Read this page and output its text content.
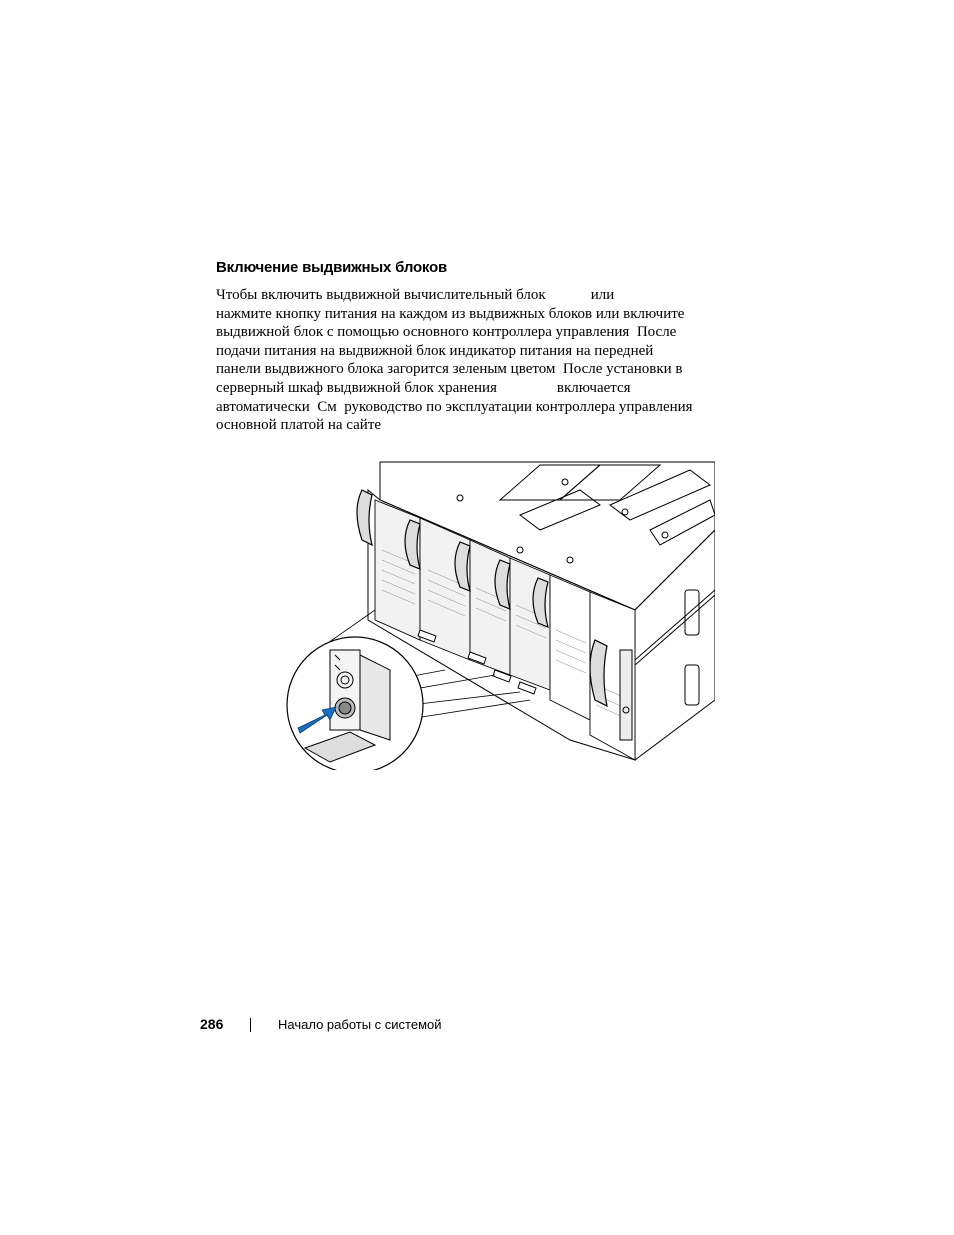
Включение выдвижных блоков
Чтобы включить выдвижной вычислительный блок            или
нажмите кнопку питания на каждом из выдвижных блоков или включите
выдвижной блок с помощью основного контроллера управления  После
подачи питания на выдвижной блок индикатор питания на передней
панели выдвижного блока загорится зеленым цветом  После установки в
серверный шкаф выдвижной блок хранения                включается
автоматически  См  руководство по эксплуатации контроллера управления
основной платой на сайте
286	Начало работы с системой
